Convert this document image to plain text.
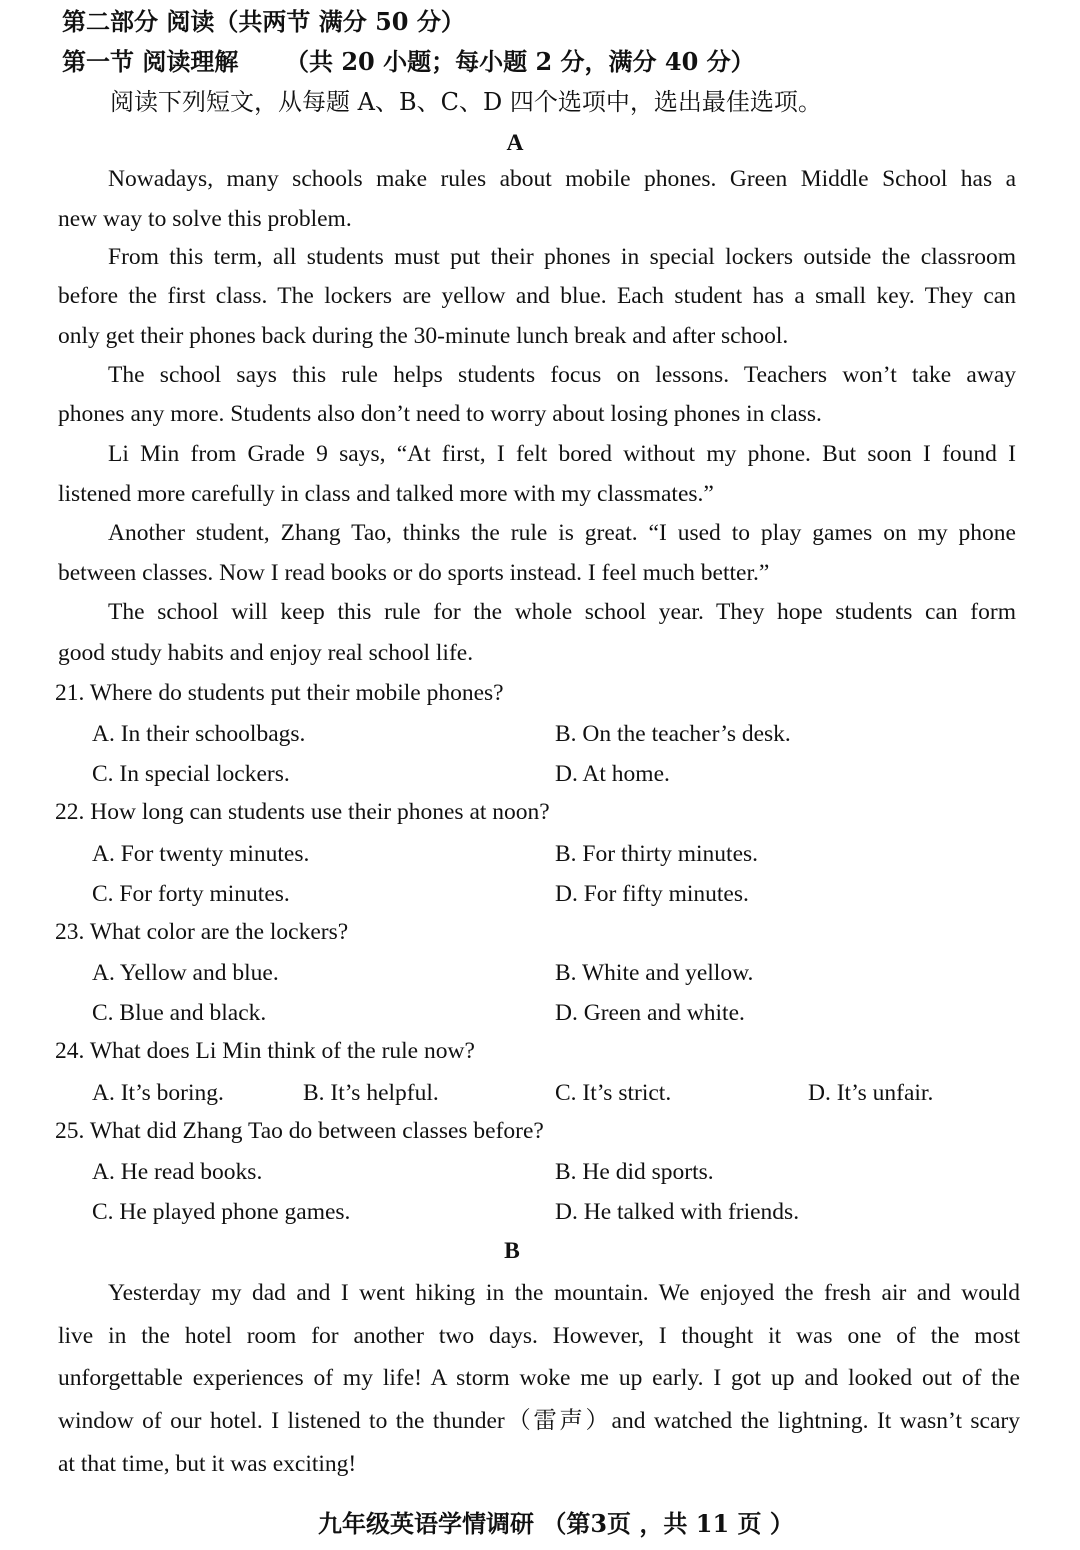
第二部分 阅读（共两节 满分 50 分）
第一节 阅读理解 （共 20 小题；每小题 2 分，满分 40 分）
阅读下列短文，从每题 A、B、C、D 四个选项中，选出最佳选项。
A
Nowadays, many schools make rules about mobile phones. Green Middle School has a
new way to solve this problem.
From this term, all students must put their phones in special lockers outside the classroom
before the first class. The lockers are yellow and blue. Each student has a small key. They can
only get their phones back during the 30-minute lunch break and after school.
The school says this rule helps students focus on lessons. Teachers won’t take away
phones any more. Students also don’t need to worry about losing phones in class.
Li Min from Grade 9 says, “At first, I felt bored without my phone. But soon I found I
listened more carefully in class and talked more with my classmates.”
Another student, Zhang Tao, thinks the rule is great. “I used to play games on my phone
between classes. Now I read books or do sports instead. I feel much better.”
The school will keep this rule for the whole school year. They hope students can form
good study habits and enjoy real school life.
21. Where do students put their mobile phones?
A. In their schoolbags.	B. On the teacher’s desk.
C. In special lockers.	D. At home.
22. How long can students use their phones at noon?
A. For twenty minutes.	B. For thirty minutes.
C. For forty minutes.	D. For fifty minutes.
23. What color are the lockers?
A. Yellow and blue.	B. White and yellow.
C. Blue and black.	D. Green and white.
24. What does Li Min think of the rule now?
A. It’s boring.	B. It’s helpful.	C. It’s strict.	D. It’s unfair.
25. What did Zhang Tao do between classes before?
A. He read books.	B. He did sports.
C. He played phone games.	D. He talked with friends.
B
Yesterday my dad and I went hiking in the mountain. We enjoyed the fresh air and would
live in the hotel room for another two days. However, I thought it was one of the most
unforgettable experiences of my life! A storm woke me up early. I got up and looked out of the
window of our hotel. I listened to the thunder（雷声）and watched the lightning. It wasn’t scary
at that time, but it was exciting!
九年级英语学情调研 （第3页 ，共 11 页 ）
